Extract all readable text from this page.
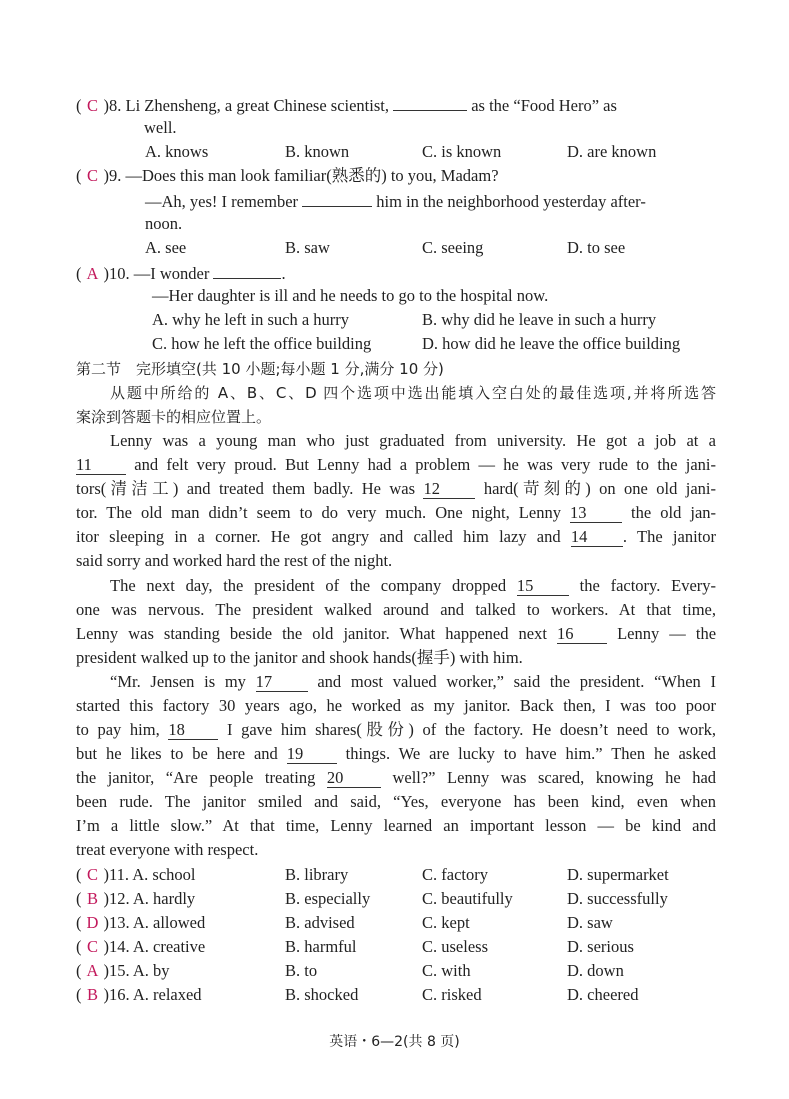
( C )8. Li Zhensheng, a great Chinese scientist,	as the “Food Hero” as
well.
A. knows	B. known	C. is known	D. are known
( C )9. —Does this man look familiar(熟悉的) to you, Madam?
—Ah, yes! I remember	him in the neighborhood yesterday after-
noon.
A. see	B. saw	C. seeing	D. to see
( A )10. —I wonder	.
—Her daughter is ill and he needs to go to the hospital now.
A. why he left in such a hurry	B. why did he leave in such a hurry
C. how he left the office building	D. how did he leave the office building
第二节　完形填空(共 10 小题;每小题 1 分,满分 10 分)
从题中所给的 A、B、C、D 四个选项中选出能填入空白处的最佳选项,并将所选答
案涂到答题卡的相应位置上。
Lenny was a young man who just graduated from university. He got a job at a
11	and felt very proud. But Lenny had a problem — he was very rude to the jani-
tors(清洁工) and treated them badly. He was 12	hard(苛刻的) on one old jani-
tor. The old man didn’t seem to do very much. One night, Lenny 13	the old jan-
itor sleeping in a corner. He got angry and called him lazy and 14 . The janitor
said sorry and worked hard the rest of the night.
The next day, the president of the company dropped 15	the factory. Every-
one was nervous. The president walked around and talked to workers. At that time,
Lenny was standing beside the old janitor. What happened next 16	Lenny — the
president walked up to the janitor and shook hands(握手) with him.
“Mr. Jensen is my 17	and most valued worker,” said the president. “When I
started this factory 30 years ago, he worked as my janitor. Back then, I was too poor
to pay him, 18	I gave him shares(股份) of the factory. He doesn’t need to work,
but he likes to be here and 19	things. We are lucky to have him.” Then he asked
the janitor, “Are people treating 20	well?” Lenny was scared, knowing he had
been rude. The janitor smiled and said, “Yes, everyone has been kind, even when
I’m a little slow.” At that time, Lenny learned an important lesson — be kind and
treat everyone with respect.
( C )11. A. school	B. library	C. factory	D. supermarket
( B )12. A. hardly	B. especially	C. beautifully	D. successfully
( D )13. A. allowed	B. advised	C. kept	D. saw
( C )14. A. creative	B. harmful	C. useless	D. serious
( A )15. A. by	B. to	C. with	D. down
( B )16. A. relaxed	B. shocked	C. risked	D. cheered
英语・6—2(共 8 页)
